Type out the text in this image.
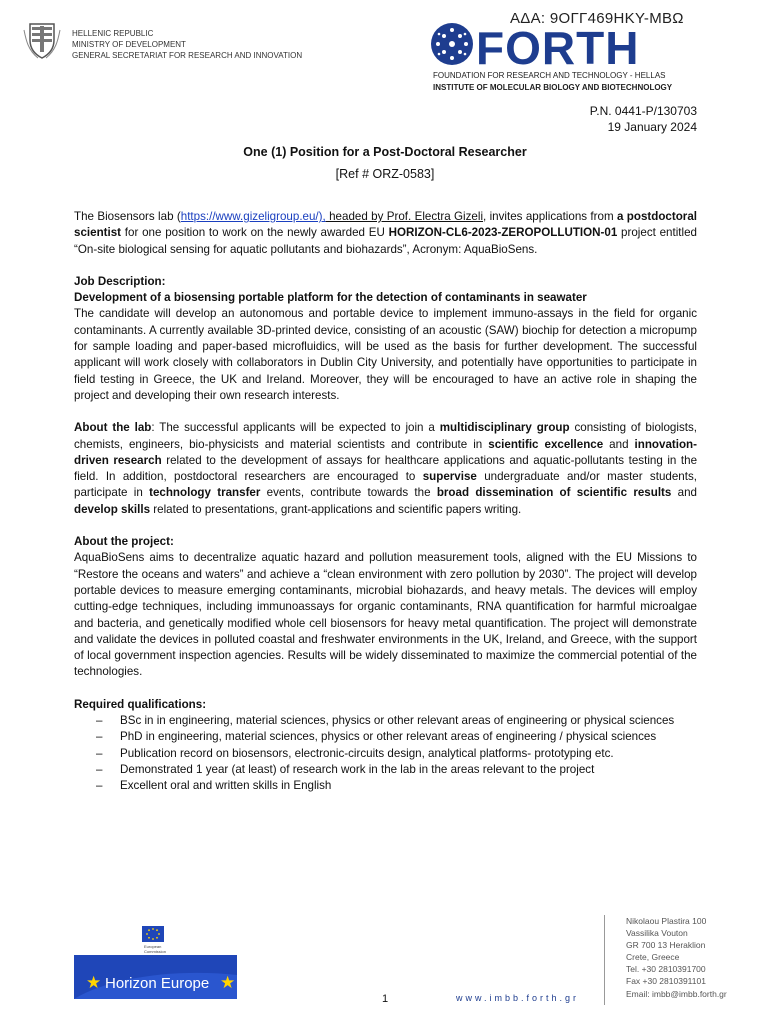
ΑΔΑ: 9ΟΓΓ469ΗΚΥ-ΜΒΩ
HELLENIC REPUBLIC
MINISTRY OF DEVELOPMENT
GENERAL SECRETARIAT FOR RESEARCH AND INNOVATION	FORTH
FOUNDATION FOR RESEARCH AND TECHNOLOGY - HELLAS
INSTITUTE OF MOLECULAR BIOLOGY AND BIOTECHNOLOGY
P.N. 0441-P/130703
19 January 2024
One (1) Position for a Post-Doctoral Researcher
[Ref # ORZ-0583]

The Biosensors lab (https://www.gizeligroup.eu/), headed by Prof. Electra Gizeli, invites applications from a postdoctoral scientist for one position to work on the newly awarded EU HORIZON-CL6-2023-ZEROPOLLUTION-01 project entitled “On-site biological sensing for aquatic pollutants and biohazards”, Acronym: AquaBioSens.

Job Description:
Development of a biosensing portable platform for the detection of contaminants in seawater
The candidate will develop an autonomous and portable device to implement immuno-assays in the field for organic contaminants. A currently available 3D-printed device, consisting of an acoustic (SAW) biochip for detection a micropump for sample loading and paper-based microfluidics, will be used as the basis for further development. The successful applicant will work closely with collaborators in Dublin City University, and potentially have opportunities to participate in field testing in Greece, the UK and Ireland. Moreover, they will be encouraged to have an active role in shaping the project and developing their own research interests.

About the lab: The successful applicants will be expected to join a multidisciplinary group consisting of biologists, chemists, engineers, bio-physicists and material scientists and contribute in scientific excellence and innovation-driven research related to the development of assays for healthcare applications and aquatic-pollutants testing in the field. In addition, postdoctoral researchers are encouraged to supervise undergraduate and/or master students, participate in technology transfer events, contribute towards the broad dissemination of scientific results and develop skills related to presentations, grant-applications and scientific papers writing.

About the project:
AquaBioSens aims to decentralize aquatic hazard and pollution measurement tools, aligned with the EU Missions to “Restore the oceans and waters” and achieve a “clean environment with zero pollution by 2030”. The project will develop portable devices to measure emerging contaminants, microbial biohazards, and heavy metals. The devices will employ cutting-edge techniques, including immunoassays for organic contaminants, RNA quantification for harmful microalgae and bacteria, and genetically modified whole cell biosensors for heavy metal quantification. The project will demonstrate and validate the devices in polluted coastal and freshwater environments in the UK, Ireland, and Greece, with the support of local government inspection agencies. Results will be widely disseminated to maximize the commercial potential of the technologies.

Required qualifications:
– BSc in in engineering, material sciences, physics or other relevant areas of engineering or physical sciences
– PhD in engineering, material sciences, physics or other relevant areas of engineering / physical sciences
– Publication record on biosensors, electronic-circuits design, analytical platforms- prototyping etc.
– Demonstrated 1 year (at least) of research work in the lab in the areas relevant to the project
– Excellent oral and written skills in English
European
Commission
★ Horizon Europe ★
1	www.imbb.forth.gr
Nikolaou Plastira 100
Vassilika Vouton
GR 700 13 Heraklion
Crete, Greece
Tel. +30 2810391700
Fax +30 2810391101
Email: imbb@imbb.forth.gr
